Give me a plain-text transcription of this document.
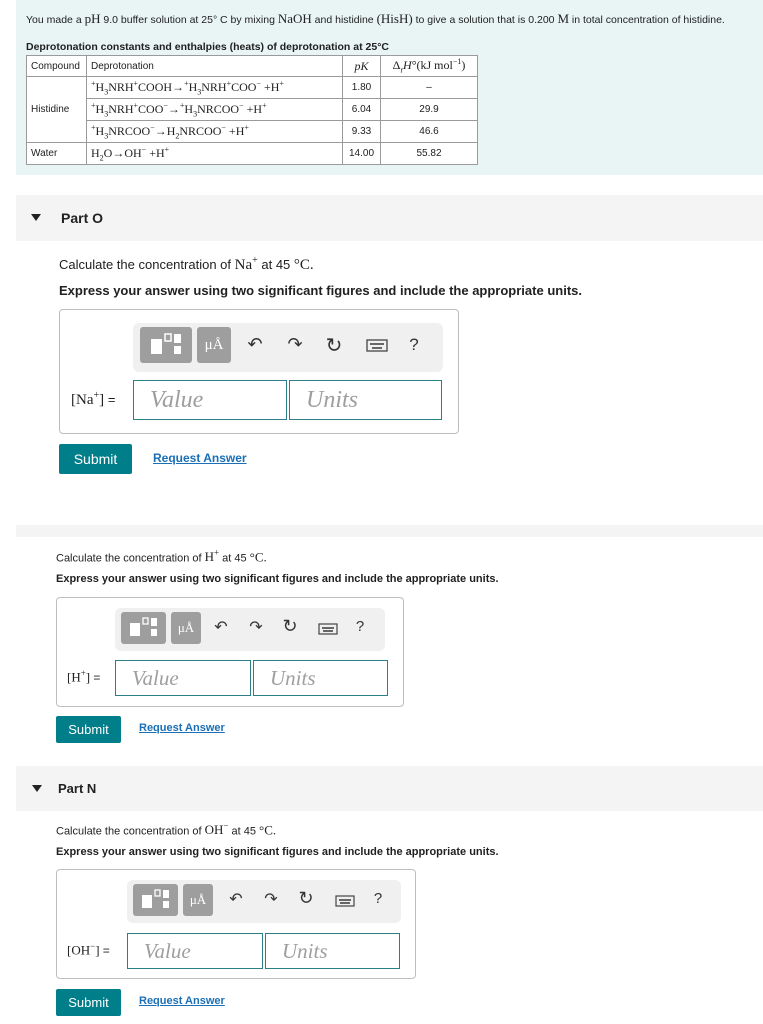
You made a pH 9.0 buffer solution at 25° C by mixing NaOH and histidine (HisH) to give a solution that is 0.200 M in total concentration of histidine.
Deprotonation constants and enthalpies (heats) of deprotonation at 25°C
Compound	Deprotonation	pK	$\Delta_rH^\circ(kJ$ mol$^{-1}$)
	$^+H_3NRH^+COOH\to^+H_3NRH^+COO^- +H^+$	1.80	–
Histidine	$^+H_3NRH^+COO^-\to^+H_3NRCOO^- +H^+$	6.04	29.9
	$^+H_3NRCOO^-\to H_2NRCOO^- +H^+$	9.33	46.6
Water	$H_2O\to OH^- +H^+$	14.00	55.82
Part O
Calculate the concentration of Na+ at 45 °C.
Express your answer using two significant figures and include the appropriate units.
μÅ	↶ ↷ ↻	?
[Na+] =	Value	Units
Submit	Request Answer
Calculate the concentration of H+ at 45 °C.
Express your answer using two significant figures and include the appropriate units.
μÅ	↶ ↷ ↻	?
[H+] =	Value	Units
Submit	Request Answer
Part N
Calculate the concentration of OH− at 45 °C.
Express your answer using two significant figures and include the appropriate units.
μÅ	↶ ↷ ↻	?
[OH−] =	Value	Units
Submit	Request Answer
